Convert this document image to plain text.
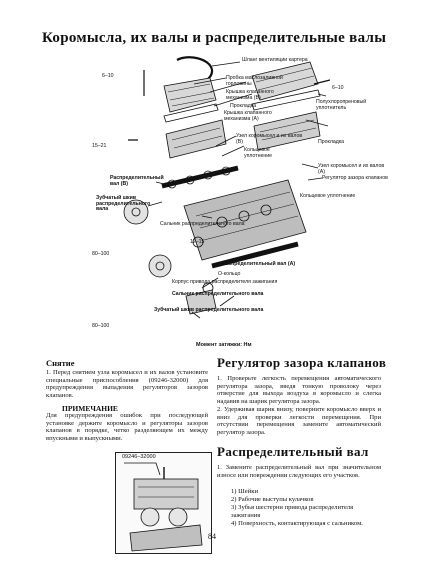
Коромысла, их валы и распределительные валы
Шланг вентиляции картера
6–10	Пробка маслозаливной горловины
Крышка клапанного механизма (В)
6–10
Прокладка
Крышка клапанного механизма (А)
Полухлоропреновый уплотнитель
Узел коромысел и их валов (В)	Прокладка
15–21
Кольцевое уплотнение
Распределительный вал (В)
Узел коромысел и их валов (А)
Регулятор зазора клапанов
Кольцевое уплотнение
Зубчатый шкив распределительного вала
Сальник распределительного вала
12–15
80–100
Распределительный вал (А)
О-кольцо
Корпус привода распределителя зажигания
Сальник распределительного вала
Зубчатый шкив распределительного вала
80–100
Момент затяжки: Нм
Снятие
1. Перед снятием узла коромысел и их валов установите специальные приспособления (09246-32000) для предупреждения выпадения регуляторов зазоров клапанов.
ПРИМЕЧАНИЕ
Для предупреждения ошибок при последующей установке держите коромысло и регуляторы зазоров клапанов в порядке, четко разделяющем их между впускными и выпускными.
09246–32000
Регулятор зазора клапанов
1. Проверьте легкость перемещения автоматического регулятора зазора, введя тонкую проволоку через отверстие для выхода воздуха в коромысло и слегка надавив на шарик регулятора зазора.
2. Удерживая шарик внизу, поверните коромысло вверх и вниз для проверки легкости перемещения. При отсутствии перемещения замените автоматический регулятор зазора.
Распределительный вал
1. Замените распределительный вал при значительном износе или повреждении следующих его участков.
1) Шейки
2) Рабочие выступы кулачков
3) Зубья шестерни привода распределителя зажигания
4) Поверхность, контактирующая с сальником.
84
